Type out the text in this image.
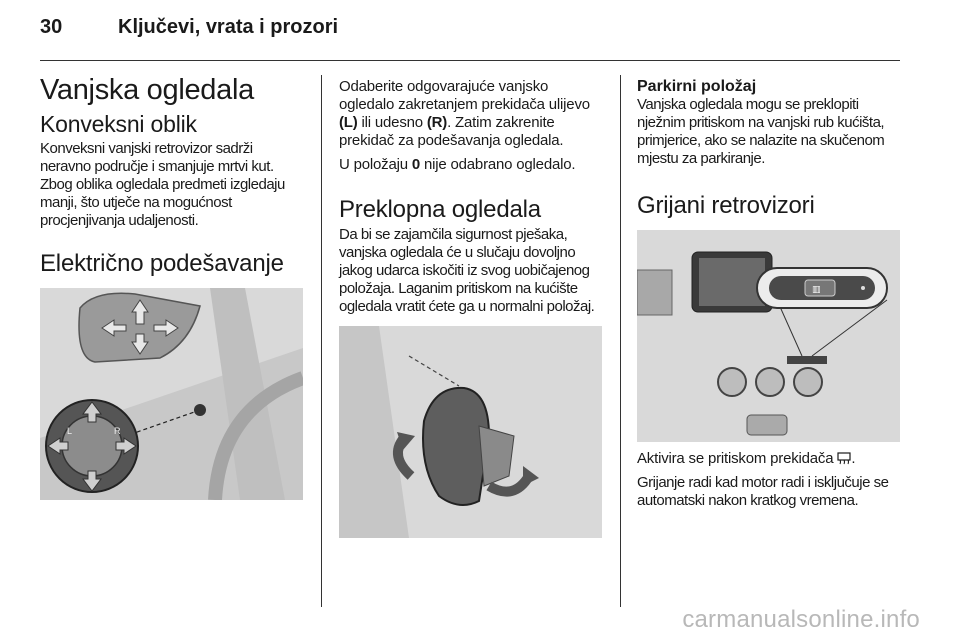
30	Ključevi, vrata i prozori
Vanjska ogledala
Konveksni oblik

Konveksni vanjski retrovizor sadrži neravno područje i smanjuje mrtvi kut. Zbog oblika ogledala predmeti izgledaju manji, što utječe na mogućnost procjenjivanja udaljenosti.

Električno podešavanje
L	R

Odaberite odgovarajuće vanjsko ogledalo zakretanjem prekidača ulijevo (L) ili udesno (R). Zatim zakrenite prekidač za podešavanja ogledala.

U položaju 0 nije odabrano ogledalo.

Preklopna ogledala

Da bi se zajamčila sigurnost pješaka, vanjska ogledala će u slučaju dovoljno jakog udarca iskočiti iz svog uobičajenog položaja. Laganim pritiskom na kućište ogledala vratit ćete ga u normalni položaj.

Parkirni položaj

Vanjska ogledala mogu se preklopiti nježnim pritiskom na vanjski rub kućišta, primjerice, ako se nalazite na skučenom mjestu za parkiranje.

Grijani retrovizori
▥

Aktivira se pritiskom prekidača .

Grijanje radi kad motor radi i isključuje se automatski nakon kratkog vremena.

carmanualsonline.info
